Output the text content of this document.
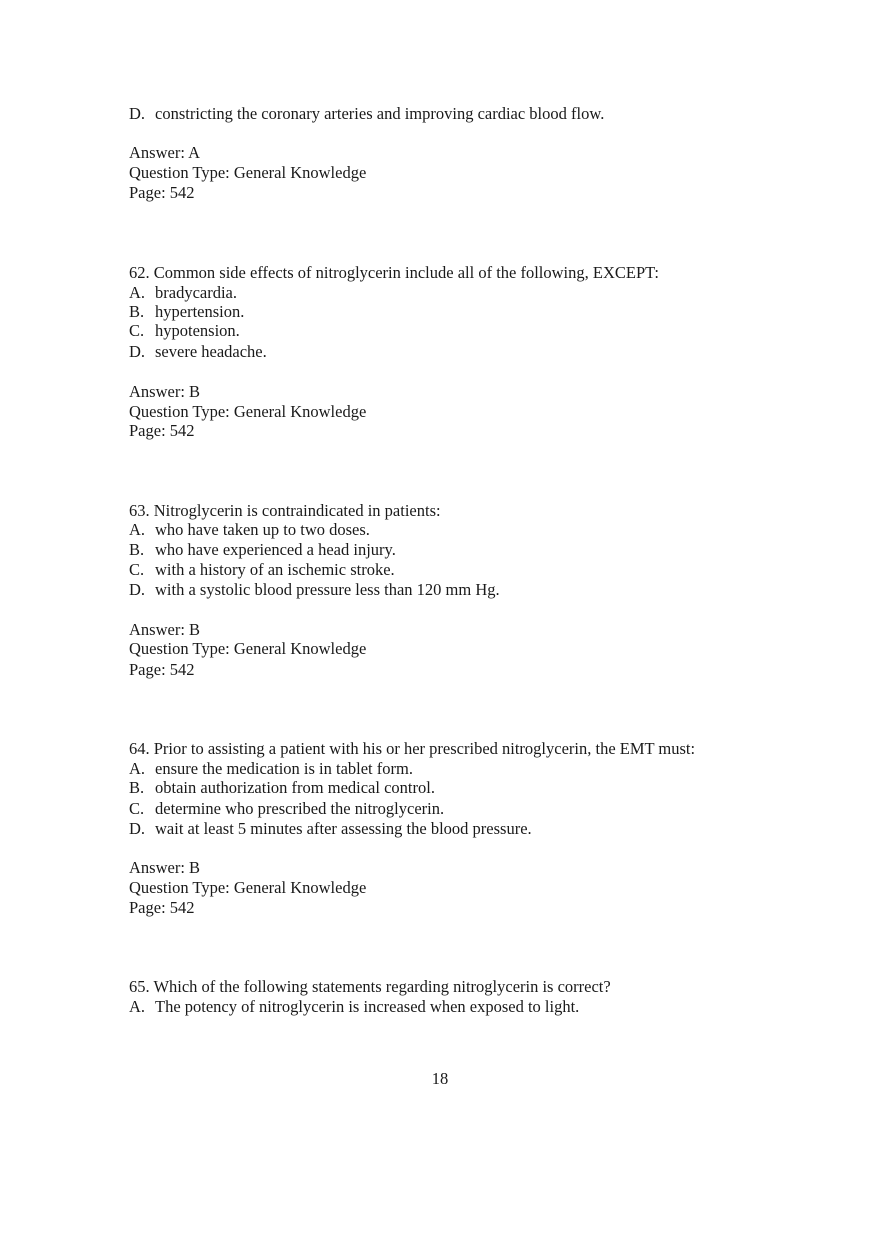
D. constricting the coronary arteries and improving cardiac blood flow.

Answer: A

Question Type: General Knowledge

Page: 542

62. Common side effects of nitroglycerin include all of the following, EXCEPT:

A. bradycardia.

B. hypertension.

C. hypotension.

D. severe headache.

Answer: B

Question Type: General Knowledge

Page: 542

63. Nitroglycerin is contraindicated in patients:

A. who have taken up to two doses.

B. who have experienced a head injury.

C. with a history of an ischemic stroke.

D. with a systolic blood pressure less than 120 mm Hg.

Answer: B

Question Type: General Knowledge

Page: 542

64. Prior to assisting a patient with his or her prescribed nitroglycerin, the EMT must:

A. ensure the medication is in tablet form.

B. obtain authorization from medical control.

C. determine who prescribed the nitroglycerin.

D. wait at least 5 minutes after assessing the blood pressure.

Answer: B

Question Type: General Knowledge

Page: 542

65. Which of the following statements regarding nitroglycerin is correct?

A. The potency of nitroglycerin is increased when exposed to light.

18
